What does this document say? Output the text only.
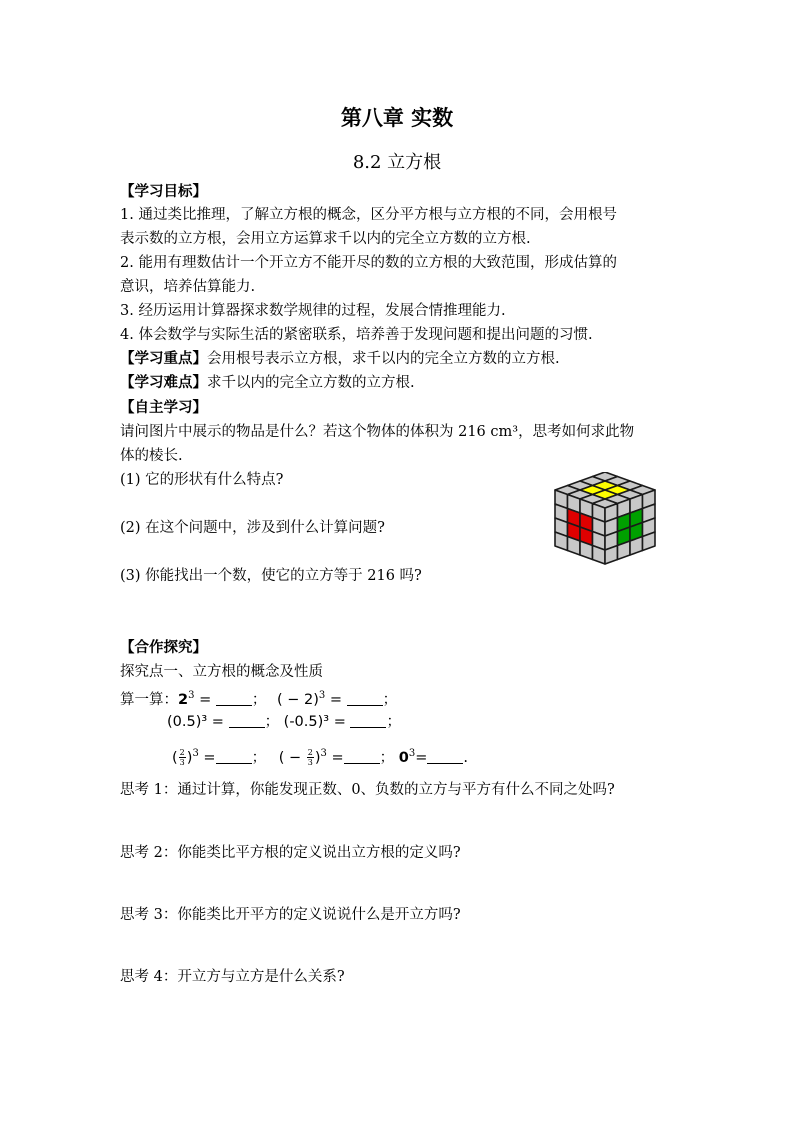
第八章 实数
8.2 立方根
【学习目标】
1. 通过类比推理，了解立方根的概念，区分平方根与立方根的不同，会用根号
表示数的立方根，会用立方运算求千以内的完全立方数的立方根.
2. 能用有理数估计一个开立方不能开尽的数的立方根的大致范围，形成估算的
意识，培养估算能力.
3. 经历运用计算器探求数学规律的过程，发展合情推理能力.
4. 体会数学与实际生活的紧密联系，培养善于发现问题和提出问题的习惯.
【学习重点】会用根号表示立方根，求千以内的完全立方数的立方根.
【学习难点】求千以内的完全立方数的立方根.
【自主学习】
请问图片中展示的物品是什么？若这个物体的体积为 216 cm³，思考如何求此物
体的棱长.
(1) 它的形状有什么特点?
(2) 在这个问题中，涉及到什么计算问题?
(3) 你能找出一个数，使它的立方等于 216 吗?
【合作探究】
探究点一、立方根的概念及性质
算一算：$2^3$ = ； ( − 2)$^3$ = ；
(0.5)³ =	； (-0.5)³ =	；
( $\frac{2}{3} )^3$ = ； ( − $\frac{2}{3} )^3$ = ； $0^3=$ .
思考 1：通过计算，你能发现正数、0、负数的立方与平方有什么不同之处吗?
思考 2：你能类比平方根的定义说出立方根的定义吗?
思考 3：你能类比开平方的定义说说什么是开立方吗?
思考 4：开立方与立方是什么关系?
